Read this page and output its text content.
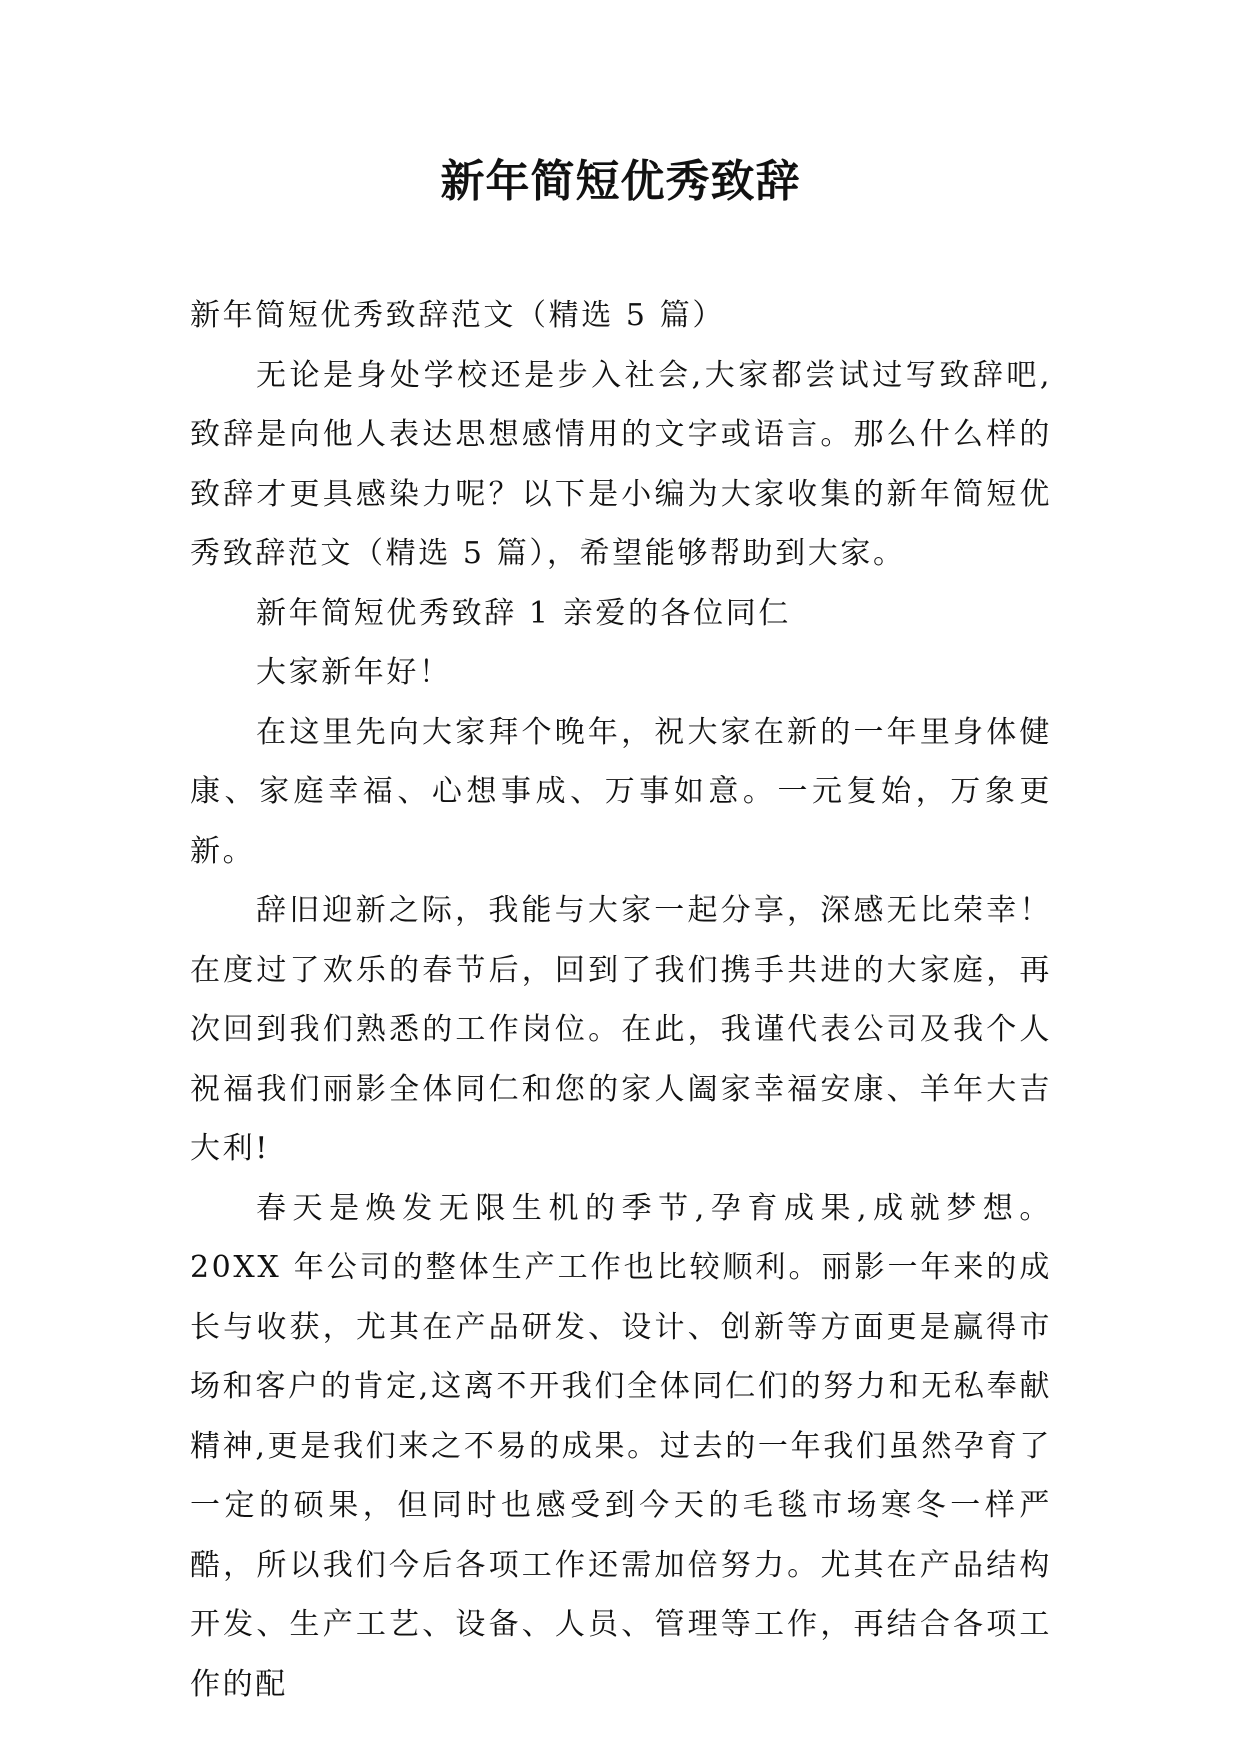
新年简短优秀致辞

新年简短优秀致辞范文（精选 5 篇）

无论是身处学校还是步入社会,大家都尝试过写致辞吧,致辞是向他人表达思想感情用的文字或语言。那么什么样的致辞才更具感染力呢？以下是小编为大家收集的新年简短优秀致辞范文（精选 5 篇），希望能够帮助到大家。

新年简短优秀致辞 1 亲爱的各位同仁

大家新年好！

在这里先向大家拜个晚年，祝大家在新的一年里身体健康、家庭幸福、心想事成、万事如意。一元复始，万象更新。

辞旧迎新之际，我能与大家一起分享，深感无比荣幸！在度过了欢乐的春节后，回到了我们携手共进的大家庭，再次回到我们熟悉的工作岗位。在此，我谨代表公司及我个人祝福我们丽影全体同仁和您的家人阖家幸福安康、羊年大吉大利!

春天是焕发无限生机的季节,孕育成果,成就梦想。20XX 年公司的整体生产工作也比较顺利。丽影一年来的成长与收获，尤其在产品研发、设计、创新等方面更是赢得市场和客户的肯定,这离不开我们全体同仁们的努力和无私奉献精神,更是我们来之不易的成果。过去的一年我们虽然孕育了一定的硕果，但同时也感受到今天的毛毯市场寒冬一样严酷，所以我们今后各项工作还需加倍努力。尤其在产品结构开发、生产工艺、设备、人员、管理等工作，再结合各项工作的配
